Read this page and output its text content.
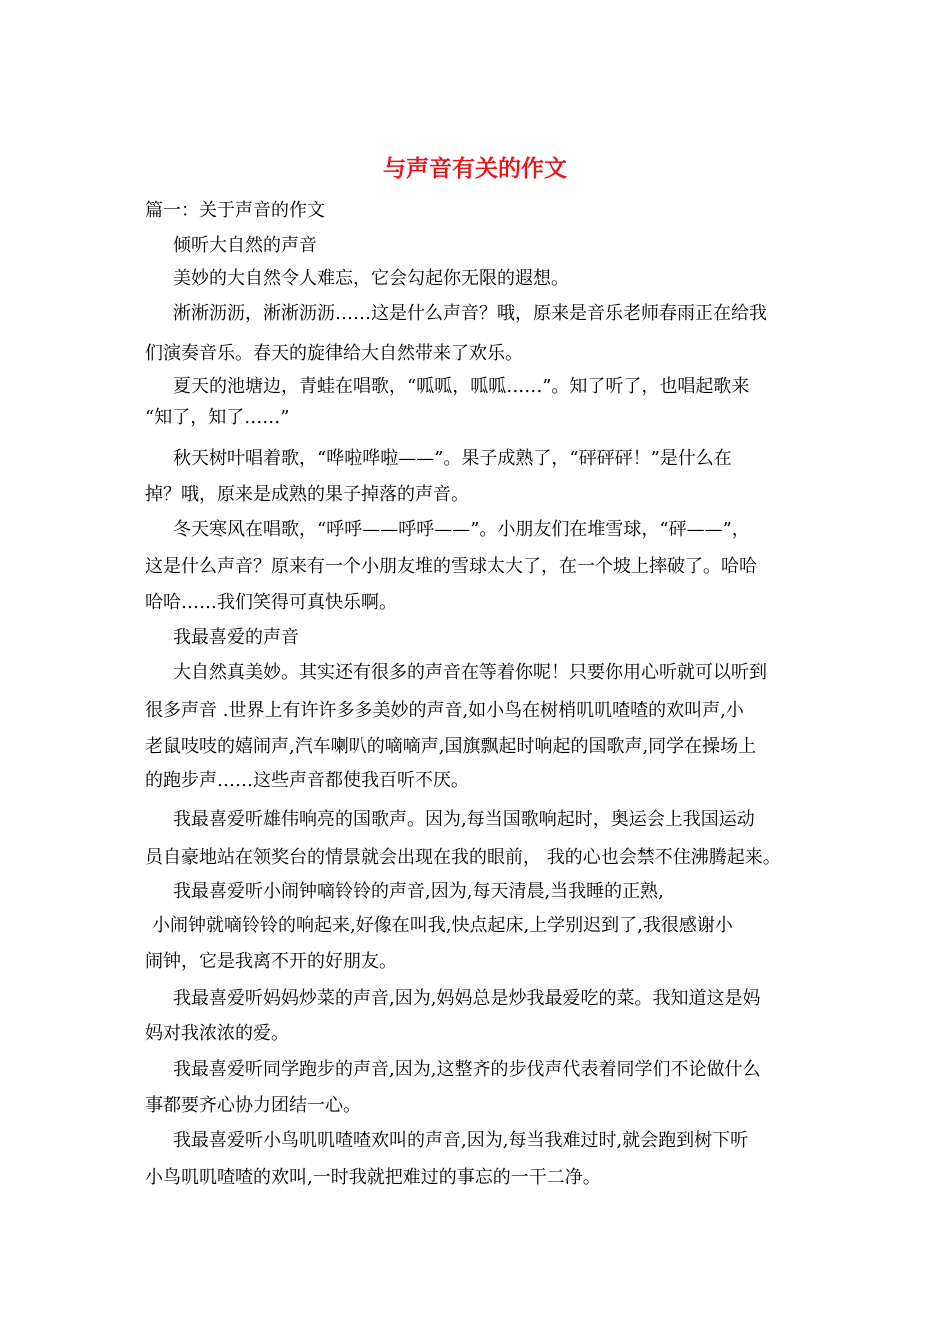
与声音有关的作文
篇一：关于声音的作文
倾听大自然的声音
美妙的大自然令人难忘，它会勾起你无限的遐想。
淅淅沥沥，淅淅沥沥……这是什么声音？哦，原来是音乐老师春雨正在给我
们演奏音乐。春天的旋律给大自然带来了欢乐。
夏天的池塘边，青蛙在唱歌，“呱呱，呱呱……”。知了听了，也唱起歌来
“知了，知了……”
秋天树叶唱着歌，“哗啦哗啦——”。果子成熟了，“砰砰砰！”是什么在
掉？哦，原来是成熟的果子掉落的声音。
冬天寒风在唱歌，“呼呼——呼呼——”。小朋友们在堆雪球，“砰——”，
这是什么声音？原来有一个小朋友堆的雪球太大了，在一个坡上摔破了。哈哈
哈哈……我们笑得可真快乐啊。
我最喜爱的声音
大自然真美妙。其实还有很多的声音在等着你呢！只要你用心听就可以听到
很多声音 .世界上有许许多多美妙的声音,如小鸟在树梢叽叽喳喳的欢叫声,小
老鼠吱吱的嬉闹声,汽车喇叭的嘀嘀声,国旗飘起时响起的国歌声,同学在操场上
的跑步声……这些声音都使我百听不厌。
我最喜爱听雄伟响亮的国歌声。因为,每当国歌响起时，奥运会上我国运动
员自豪地站在领奖台的情景就会出现在我的眼前， 我的心也会禁不住沸腾起来。
我最喜爱听小闹钟嘀铃铃的声音,因为,每天清晨,当我睡的正熟,
小闹钟就嘀铃铃的响起来,好像在叫我,快点起床,上学别迟到了,我很感谢小
闹钟，它是我离不开的好朋友。
我最喜爱听妈妈炒菜的声音,因为,妈妈总是炒我最爱吃的菜。我知道这是妈
妈对我浓浓的爱。
我最喜爱听同学跑步的声音,因为,这整齐的步伐声代表着同学们不论做什么
事都要齐心协力团结一心。
我最喜爱听小鸟叽叽喳喳欢叫的声音,因为,每当我难过时,就会跑到树下听
小鸟叽叽喳喳的欢叫,一时我就把难过的事忘的一干二净。
